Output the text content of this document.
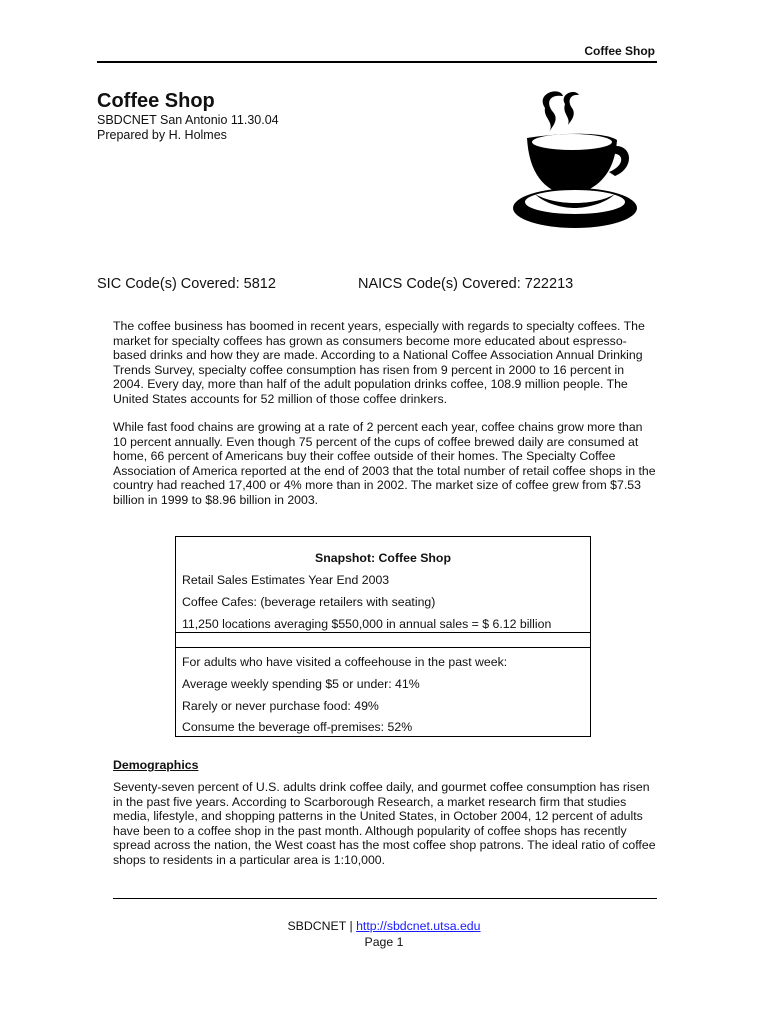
Coffee Shop
Coffee Shop
SBDCNET San Antonio 11.30.04
Prepared by H. Holmes
SIC Code(s) Covered: 5812	NAICS Code(s) Covered: 722213

The coffee business has boomed in recent years, especially with regards to specialty coffees. The market for specialty coffees has grown as consumers become more educated about espresso-based drinks and how they are made. According to a National Coffee Association Annual Drinking Trends Survey, specialty coffee consumption has risen from 9 percent in 2000 to 16 percent in 2004. Every day, more than half of the adult population drinks coffee, 108.9 million people. The United States accounts for 52 million of those coffee drinkers.

While fast food chains are growing at a rate of 2 percent each year, coffee chains grow more than 10 percent annually. Even though 75 percent of the cups of coffee brewed daily are consumed at home, 66 percent of Americans buy their coffee outside of their homes. The Specialty Coffee Association of America reported at the end of 2003 that the total number of retail coffee shops in the country had reached 17,400 or 4% more than in 2002. The market size of coffee grew from $7.53 billion in 1999 to $8.96 billion in 2003.

Snapshot: Coffee Shop
Retail Sales Estimates Year End 2003
Coffee Cafes: (beverage retailers with seating)
11,250 locations averaging $550,000 in annual sales = $ 6.12 billion
For adults who have visited a coffeehouse in the past week:
Average weekly spending $5 or under: 41%
Rarely or never purchase food: 49%
Consume the beverage off-premises: 52%
Demographics

Seventy-seven percent of U.S. adults drink coffee daily, and gourmet coffee consumption has risen in the past five years. According to Scarborough Research, a market research firm that studies media, lifestyle, and shopping patterns in the United States, in October 2004, 12 percent of adults have been to a coffee shop in the past month. Although popularity of coffee shops has recently spread across the nation, the West coast has the most coffee shop patrons. The ideal ratio of coffee shops to residents in a particular area is 1:10,000.

SBDCNET | http://sbdcnet.utsa.edu
Page 1
